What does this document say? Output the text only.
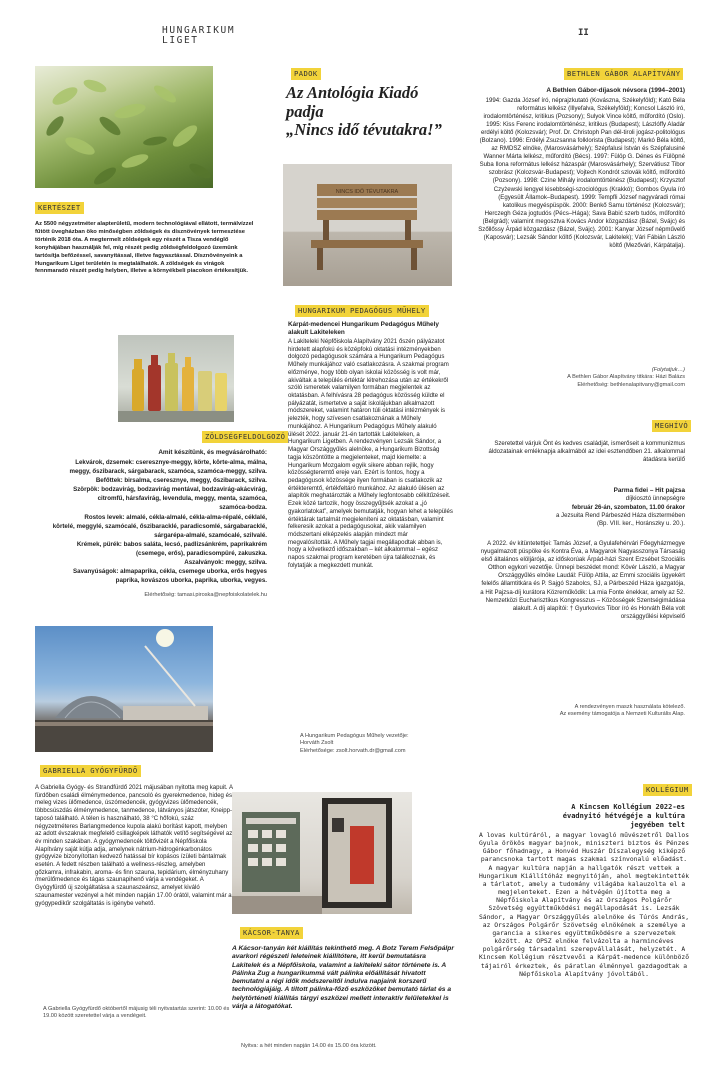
HUNGARIKUM
LIGET
II
KERTÉSZET
Az 5500 négyzetméter alapterületű, modern technológiával ellátott, termálvízzel fűtött üvegházban öko minőségben zöldségek és dísznövények termesztése történik 2018 óta. A megtermelt zöldségek egy részét a Tisza vendéglő konyhájában használják fel, míg részét pedig zöldségfeldolgozó üzemünk tartósítja befőzéssel, savanyítással, illetve fagyasztással. Dísznövényeink a Hungarikum Liget területén is megtalálhatók. A zöldségek és virágok fennmaradó részét pedig helyben, illetve a környékbeli piacokon értékesítjük.
ZÖLDSÉGFELDOLGOZÓ
Amit készítünk, és megvásárolható:
Lekvárok, dzsemek: cseresznye-meggy, körte, körte-alma, málna,
meggy, őszibarack, sárgabarack, szamóca, szamóca-meggy, szilva.
Befőttek: birsalma, cseresznye, meggy, őszibarack, szilva.
Szörpök: bodzavirág, bodzavirág mentával, bodzavirág-akácvirág,
citromfű, hársfavirág, levendula, meggy, menta, szamóca,
szamóca-bodza.
Rostos levek: almalé, cékla-almalé, cékla-alma-répalé, céklalé,
körtelé, meggylé, szamócalé, őszibaracklé, paradicsomlé, sárgabaracklé,
sárgarépa-almalé, szamócalé, szilvalé.
Krémek, pürék: babos saláta, lecsó, padlizsánkrém, paprikakrém
(csemege, erős), paradicsompüré, zakuszka.
Aszalványok: meggy, szilva.
Savanyúságok: almapaprika, cékla, csemege uborka, erős hegyes
paprika, kovászos uborka, paprika, uborka, vegyes.
Elérhetőség: tamasi.piroska@nepfoiskolatelek.hu
GABRIELLA GYÓGYFÜRDŐ
A Gabriella Gyógy- és Strandfürdő 2021 májusában nyitotta meg kapuit. A fürdőben családi élménymedence, pancsoló és gyerekmedence, hideg és meleg vizes ülőmedence, úszómedencék, gyógyvizes ülőmedencék, többcsúszdás élménymedence, tanmedence, látványos játszóter, Kneipp-taposó található. A télen is használható, 38 °C hőfokú, száz négyzetméteres Barlangmedence kupola alakú borítást kapott, melyben az adott évszaknak megfelelő csillagképek láthatók vetítő segítségével az év minden szakában. A gyógymedencék töltővizét a Népfőiskola Alapítvány saját kútja adja, amelynek nátrium-hidrogénkarbonátos gyógyvize bizonyítottan kedvező hatással bír kopásos ízületi bántalmak esetén. A fedett részben található a wellness-részleg, amelyben gőzkamra, infrakabin, aroma- és finn szauna, tepidárium, élményzuhany /merülőmedence és tágas szaunapihenő várja a vendégeket. A Gyógyfürdő új szolgáltatása a szaunaszeánsz, amelyet kiváló szaunamester vezényel a hét minden napján 17.00 órától, valamint már a gyógypedikűr szolgáltatás is igénybe vehető.
A Gabriella Gyógyfürdő októbertől májusig téli nyitvatartás szerint: 10.00 és 19.00 között szeretettel várja a vendégeit.
PADOK
Az Antológia Kiadó
padja
„Nincs idő tévutakra!”
NINCS IDŐ TÉVUTAKRA
HUNGARIKUM PEDAGÓGUS MŰHELY
Kárpát-medencei Hungarikum Pedagógus Műhely alakult Lakiteleken
A Lakiteleki Népfőiskola Alapítvány 2021 őszén pályázatot hirdetett alapfokú és középfokú oktatási intézményekben dolgozó pedagógusok számára a Hungarikum Pedagógus Műhely munkájához való csatlakozásra. A szakmai program előzménye, hogy több olyan iskolai közösség is volt már, akiváltak a település értéktár létrehozása után az értékekről szóló ismeretek valamilyen formában megjelentek az oktatásban. A felhívásra 28 pedagógus közösség küldte el pályázatát, ismertetve a saját iskolájukban alkalmazott módszereket, valamint határon túli oktatási intézmények is jelezték, hogy szívesen csatlakoznának a Műhely munkájához. A Hungarikum Pedagógus Műhely alakuló ülését 2022. január 21-én tartották Lakiteleken, a Hungarikum Ligetben. A rendezvényen Lezsák Sándor, a Magyar Országgyűlés alelnöke, a Hungarikum Bizottság tagja köszöntötte a megjelenteket, majd kiemelte: a Hungarikum Mozgalom egyik sikere abban rejlik, hogy közösségteremtő ereje van. Ezért is fontos, hogy a pedagógusok közössége ilyen formában is csatlakozik az értékteremtő, értékfeltáró munkához. Az alakuló ülésen az alapítók meghatározták a Műhely legfontosabb célkitűzéseit. Ezek közé tartozik, hogy összegyűjtsék azokat a „jó gyakorlatokat”, amelyek bemutatják, hogyan lehet a település értéktárak tartalmát megjeleníteni az oktatásban, valamint felkeresik azokat a pedagógusokat, akik valamilyen módszertani elképzelés alapján mindezt már megvalósították. A Műhely tagjai megállapodtak abban is, hogy a következő időszakban – két alkalommal – egész napos szakmai program keretében újra találkoznak, és folytatják a megkezdett munkát.
A Hungarikum Pedagógus Műhely vezetője:
Horváth Zsolt
Elérhetősége: zsolt.horvath.dr@gmail.com
KÁCSOR-TANYA
A Kácsor-tanyán két kiállítás tekinthető meg. A Botz Terem Felsőpálpr avarkori régészeti leleteinek kiállítótere, itt kerül bemutatásra Lakitelek és a Népfőiskola, valamint a lakiteleki sátor története is. A Pálinka Zug a hungarikummá vált pálinka előállítását hivatott bemutatni a régi idők módszereitől indulva napjaink korszerű technológiájáig. A tiltott pálinka-főző eszközöket bemutató tárlat és a helytörténeti kiállítás tárgyi eszközei mellett interaktív felületekkel is várja a látogatókat.
Nyitva: a hét minden napján 14.00 és 15.00 óra között.
BETHLEN GÁBOR ALAPÍTVÁNY
A Bethlen Gábor-díjasok névsora (1994–2001)
1994: Gazda József író, néprajzkutató (Kovászna, Székelyföld); Kató Béla református lelkész (Illyefalva, Székelyföld); Koncsol László író, irodalomtörténész, kritikus (Pozsony); Sulyok Vince költő, műfordító (Oslo). 1995: Kiss Ferenc irodalomtörténész, kritikus (Budapest); Lászlóffy Aladár erdélyi költő (Kolozsvár); Prof. Dr. Christoph Pan dél-tiroli jogász-politológus (Bolzano). 1996: Erdélyi Zsuzsanna folklorista (Budapest); Markó Béla költő, az RMDSZ elnöke, (Marosvásárhely); Szépfalusi István és Szépfalusiné Wanner Márta lelkész, műfordító (Bécs). 1997: Fülöp G. Dénes és Fülöpné Suba Ilona református lelkész házaspár (Marosvásárhely); Szervátiusz Tibor szobrász (Kolozsvár-Budapest); Vojtech Kondrót szlovák költő, műfordító (Pozsony). 1998: Czine Mihály irodalomtörténész (Budapest); Krzysztof Czyżewski lengyel kisebbségi-szociológus (Krakkó); Gombos Gyula író (Egyesült Államok–Budapest). 1999: Tempfli József nagyváradi római katolikus megyéspüspök. 2000: Benkő Samu történész (Kolozsvár); Herczegh Géza jogtudós (Pécs–Hága); Sava Babić szerb tudós, műfordító (Belgrád); valamint megosztva Kovács Andor közgazdász (Bázel, Svájc) és Szőllőssy Árpád közgazdász (Bázel, Svájc). 2001: Kanyar József népművelő (Kaposvár); Lezsák Sándor költő (Kolozsvár, Lakitelek); Vári Fábián László költő (Mezővári, Kárpátalja).
(Folytatjuk…)
A Bethlen Gábor Alapítvány titkára: Házi Balázs
Elérhetőség: bethlenalapitvany@gmail.com
MEGHÍVÓ
Szeretettel várjuk Önt és kedves családját, ismerőseit a kommunizmus áldozatainak emléknapja alkalmából az idei esztendőben 21. alkalommal átadásra kerülő
Parma fidei – Hit pajzsa
díjkiosztó ünnepségre
február 26-án, szombaton, 11.00 órakor
a Jezsuita Rend Párbeszéd Háza dísztermében
(Bp. VIII. ker., Horánszky u. 20.).
A 2022. év kitüntetettjei: Tamás József, a Gyulafehérvári Főegyházmegye nyugalmazott püspöke és Kontra Éva, a Magyarok Nagyasszonya Társaság első általános elöljárója, az időskorúak Árpád-házi Szent Erzsébet Szociális Otthon egykori vezetője. Ünnepi beszédet mond: Kövér László, a Magyar Országgyűlés elnöke Laudál: Fülöp Attila, az Emmi szociális ügyekért felelős államtitkára és P. Sajgó Szabolcs, SJ, a Párbeszéd Háza igazgatója, a Hit Pajzsa-díj kurátora Közreműködik: La mia Fonte énekkar, amely az 52. Nemzetközi Eucharisztikus Kongresszus – Közösségek Szentségimádása alakult. A díj alapítói: † Gyurkovics Tibor író és Horváth Béla volt országgyűlési képviselő
A rendezvényen maszk használata kötelező.
Az esemény támogatója a Nemzeti Kulturális Alap.
KOLLÉGIUM
A Kincsem Kollégium 2022-es évadnyitó hétvégéje a kultúra jegyében telt
A lovas kultúráról, a magyar lovagló művészetről Dallos Gyula örökös magyar bajnok, miniszteri biztos és Pénzes Gábor főhadnagy, a Honvéd Huszár Díszalegység kiképző parancsnoka tartott magas szakmai színvonalú előadást. A magyar kultúra napján a hallgatók részt vettek a Hungarikum Kiállítóház megnyitóján, ahol megtekintették a tárlatot, amely a tudomány világába kalauzolta el a megjelenteket. Ezen a hétvégén újította meg a Népfőiskola Alapítvány és az Országos Polgárőr Szövetség együttműködési megállapodását is. Lezsák Sándor, a Magyar Országgyűlés alelnöke és Túrós András, az Országos Polgárőr Szövetség elnökének a személye a garancia a sikeres együttműködésre a szervezetek között. Az OPSZ elnöke felvázolta a harmincéves polgárőrség társadalmi szerepvállalását, helyzetét. A Kincsem Kollégium résztvevői a Kárpát-medence különböző tájairól érkeztek, és páratlan élménnyel gazdagodtak a Népfőiskola Alapítvány jóvoltából.
